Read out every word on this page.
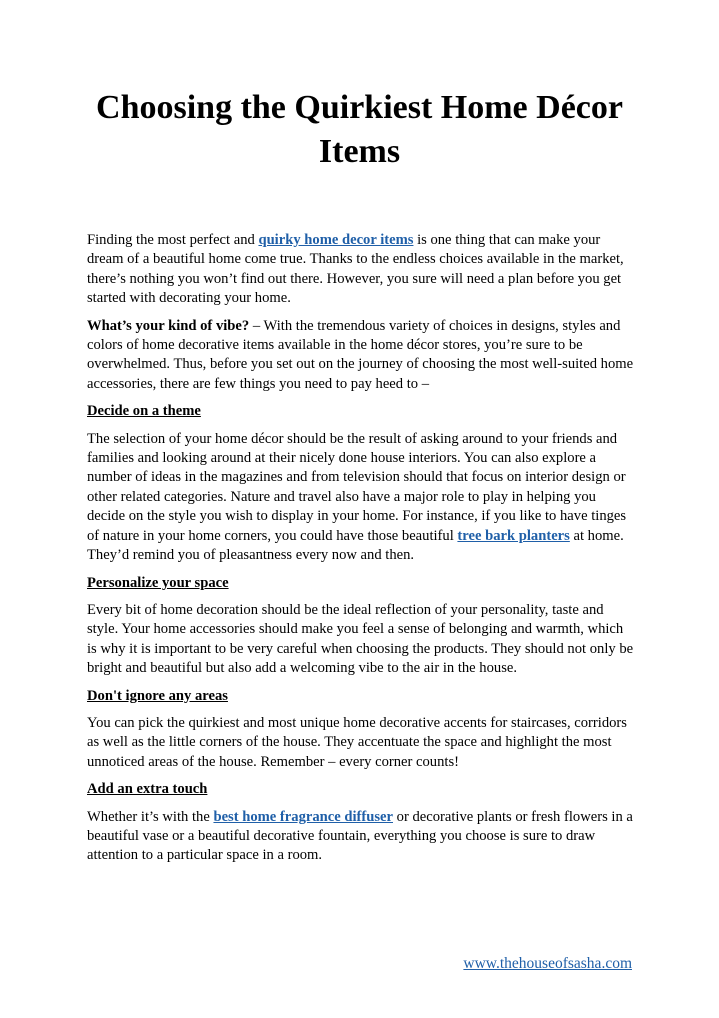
Choosing the Quirkiest Home Décor Items

Finding the most perfect and quirky home decor items is one thing that can make your dream of a beautiful home come true. Thanks to the endless choices available in the market, there’s nothing you won’t find out there. However, you sure will need a plan before you get started with decorating your home.

What’s your kind of vibe? – With the tremendous variety of choices in designs, styles and colors of home decorative items available in the home décor stores, you’re sure to be overwhelmed. Thus, before you set out on the journey of choosing the most well-suited home accessories, there are few things you need to pay heed to –

Decide on a theme

The selection of your home décor should be the result of asking around to your friends and families and looking around at their nicely done house interiors. You can also explore a number of ideas in the magazines and from television should that focus on interior design or other related categories. Nature and travel also have a major role to play in helping you decide on the style you wish to display in your home. For instance, if you like to have tinges of nature in your home corners, you could have those beautiful tree bark planters at home. They’d remind you of pleasantness every now and then.

Personalize your space

Every bit of home decoration should be the ideal reflection of your personality, taste and style. Your home accessories should make you feel a sense of belonging and warmth, which is why it is important to be very careful when choosing the products. They should not only be bright and beautiful but also add a welcoming vibe to the air in the house.

Don't ignore any areas

You can pick the quirkiest and most unique home decorative accents for staircases, corridors as well as the little corners of the house. They accentuate the space and highlight the most unnoticed areas of the house. Remember – every corner counts!

Add an extra touch

Whether it’s with the best home fragrance diffuser or decorative plants or fresh flowers in a beautiful vase or a beautiful decorative fountain, everything you choose is sure to draw attention to a particular space in a room.

www.thehouseofsasha.com
